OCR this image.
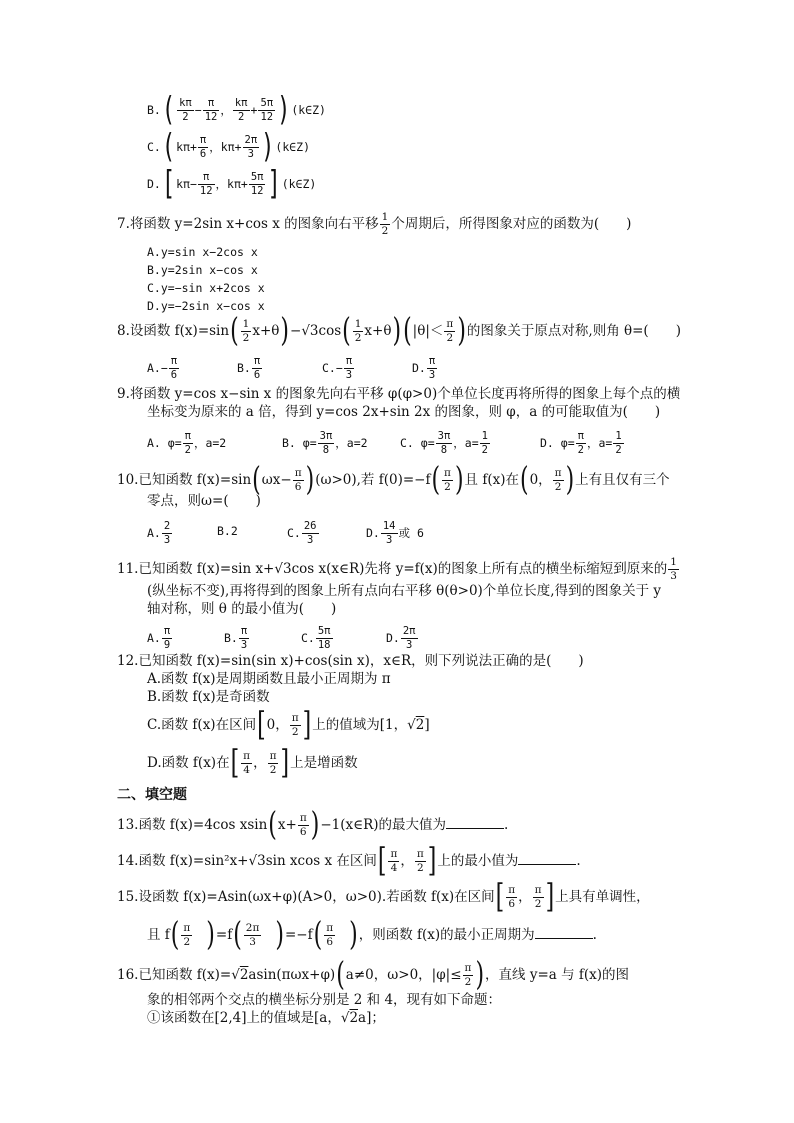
$B.( \frac{k\pi}{2} - \frac{\pi}{12}$ ， $\frac{k\pi}{2} + \frac{5\pi}{12}$ )(k∈Z)
$C.(k\pi+ \frac{\pi}{6}$ ，$k\pi+ \frac{2\pi}{3}$ )(k∈Z)
$D.[k\pi- \frac{\pi}{12}$ ，$k\pi+ \frac{5\pi}{12}$ ](k∈Z)
7.将函数 y=2sin x+cos x 的图象向右平移 $\frac{1}{2}$ 个周期后，所得图象对应的函数为(　　)
A.y=sin x−2cos x
B.y=2sin x−cos x
C.y=−sin x+2cos x
D.y=−2sin x−cos x
8.设函数 $f(x)=\sin( \frac{1}{2} x+\theta)-√3\cos( \frac{1}{2} x+\theta)(|\theta|< \frac{\pi}{2}$ )的图象关于原点对称,则角 θ=(　　)
$A.- \frac{\pi}{6}$	B. $\frac{\pi}{6}$	$C.- \frac{\pi}{3}$	D. $\frac{\pi}{3}$
9.将函数 y=cos x−sin x 的图象先向右平移 φ(φ>0)个单位长度再将所得的图象上每个点的横
坐标变为原来的 a 倍，得到 y=cos 2x+sin 2x 的图象，则 φ，a 的可能取值为(　　)
A. $\varphi= \frac{\pi}{2}$ ，a=2	B. $\varphi= \frac{3\pi}{8}$ ，a=2	C. $\varphi= \frac{3\pi}{8}$ ，$a= \frac{1}{2}$	D. $\varphi= \frac{\pi}{2}$ ，$a= \frac{1}{2}$
10.已知函数 $f(x)=\sin(\omega x- \frac{\pi}{6} )(\omega>0)$,若 $f(0)=-f( \frac{\pi}{2}$ )且 f(x)在(0， $\frac{\pi}{2}$ )上有且仅有三个
零点，则ω=(　　)
A. $\frac{2}{3}$	B.2	C. $\frac{26}{3}$	D. $\frac{14}{3}$ 或 6
11.已知函数 f(x)=sin x+√3cos x(x∈R)先将 y=f(x)的图象上所有点的横坐标缩短到原来的 $\frac{1}{3}$
(纵坐标不变),再将得到的图象上所有点向右平移 θ(θ>0)个单位长度,得到的图象关于 y
轴对称，则 θ 的最小值为(　　)
A. $\frac{\pi}{9}$	B. $\frac{\pi}{3}$	C. $\frac{5\pi}{18}$	D. $\frac{2\pi}{3}$
12.已知函数 f(x)=sin(sin x)+cos(sin x)，x∈R，则下列说法正确的是(　　)
A.函数 f(x)是周期函数且最小正周期为 π
B.函数 f(x)是奇函数
C.函数 f(x)在区间[0， $\frac{\pi}{2}$ ]上的值域为[1，√2]
D.函数 f(x)在[ $\frac{\pi}{4}$ ， $\frac{\pi}{2}$ ]上是增函数
二、填空题
13.函数 f(x)=4cos $xsin(x+ \frac{\pi}{6}$ )−1(x∈R)的最大值为	.
14.函数 f(x)=sin²x+√3sin xcos x 在区间[ $\frac{\pi}{4}$ ， $\frac{\pi}{2}$ ]上的最小值为	.
15.设函数 f(x)=Asin(ωx+φ)(A>0，ω>0).若函数 f(x)在区间[ $\frac{\pi}{6}$ ， $\frac{\pi}{2}$ ]上具有单调性，
且 $f( \frac{\pi}{2} )=f( \frac{2\pi}{3} )=-f( \frac{\pi}{6}$ )，则函数 f(x)的最小正周期为	.
16.已知函数 f(x)=√2asin(πωx+φ)(a≠0，ω>0，$|\varphi|\le \frac{\pi}{2}$ )，直线 y=a 与 f(x)的图
象的相邻两个交点的横坐标分别是 2 和 4，现有如下命题：
①该函数在[2,4]上的值域是[a，√2a]；
